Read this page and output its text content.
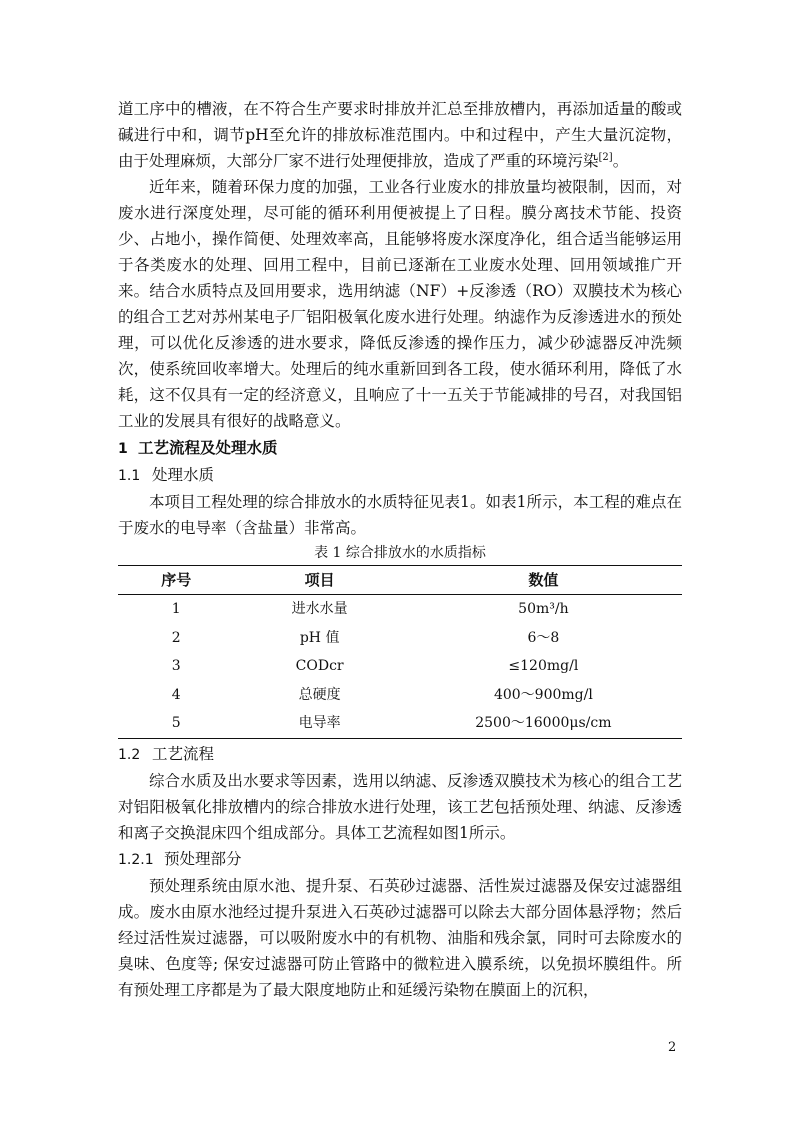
道工序中的槽液，在不符合生产要求时排放并汇总至排放槽内，再添加适量的酸或碱进行中和，调节pH至允许的排放标准范围内。中和过程中，产生大量沉淀物，由于处理麻烦，大部分厂家不进行处理便排放，造成了严重的环境污染[2]。

近年来，随着环保力度的加强，工业各行业废水的排放量均被限制，因而，对废水进行深度处理，尽可能的循环利用便被提上了日程。膜分离技术节能、投资少、占地小，操作简便、处理效率高，且能够将废水深度净化，组合适当能够运用于各类废水的处理、回用工程中，目前已逐渐在工业废水处理、回用领域推广开来。结合水质特点及回用要求，选用纳滤（NF）+反渗透（RO）双膜技术为核心的组合工艺对苏州某电子厂铝阳极氧化废水进行处理。纳滤作为反渗透进水的预处理，可以优化反渗透的进水要求，降低反渗透的操作压力，减少砂滤器反冲洗频次，使系统回收率增大。处理后的纯水重新回到各工段，使水循环利用，降低了水耗，这不仅具有一定的经济意义，且响应了十一五关于节能减排的号召，对我国铝工业的发展具有很好的战略意义。

1 工艺流程及处理水质

1.1 处理水质

本项目工程处理的综合排放水的水质特征见表1。如表1所示，本工程的难点在于废水的电导率（含盐量）非常高。

表 1 综合排放水的水质指标
序号	项目	数值
1	进水水量	50m³/h
2	pH 值	6～8
3	CODcr	≤120mg/l
4	总硬度	400～900mg/l
5	电导率	2500～16000μs/cm

1.2 工艺流程

综合水质及出水要求等因素，选用以纳滤、反渗透双膜技术为核心的组合工艺对铝阳极氧化排放槽内的综合排放水进行处理，该工艺包括预处理、纳滤、反渗透和离子交换混床四个组成部分。具体工艺流程如图1所示。

1.2.1 预处理部分

预处理系统由原水池、提升泵、石英砂过滤器、活性炭过滤器及保安过滤器组成。废水由原水池经过提升泵进入石英砂过滤器可以除去大部分固体悬浮物；然后经过活性炭过滤器，可以吸附废水中的有机物、油脂和残余氯，同时可去除废水的臭味、色度等; 保安过滤器可防止管路中的微粒进入膜系统，以免损坏膜组件。所有预处理工序都是为了最大限度地防止和延缓污染物在膜面上的沉积，

2
